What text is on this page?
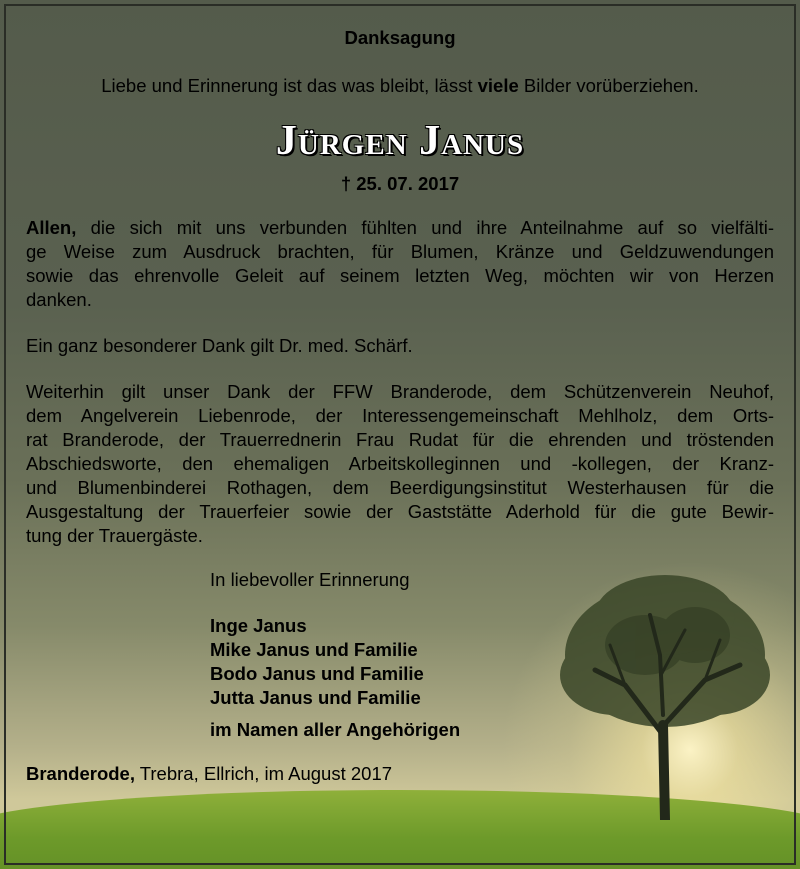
Danksagung
Liebe und Erinnerung ist das was bleibt, lässt viele Bilder vorüberziehen.
Jürgen Janus
† 25. 07. 2017
Allen, die sich mit uns verbunden fühlten und ihre Anteilnahme auf so vielfälti-
ge Weise zum Ausdruck brachten, für Blumen, Kränze und Geldzuwendungen
sowie das ehrenvolle Geleit auf seinem letzten Weg, möchten wir von Herzen
danken.
Ein ganz besonderer Dank gilt Dr. med. Schärf.
Weiterhin gilt unser Dank der FFW Branderode, dem Schützenverein Neuhof,
dem Angelverein Liebenrode, der Interessengemeinschaft Mehlholz, dem Orts-
rat Branderode, der Trauerrednerin Frau Rudat für die ehrenden und tröstenden
Abschiedsworte, den ehemaligen Arbeitskolleginnen und -kollegen, der Kranz-
und Blumenbinderei Rothagen, dem Beerdigungsinstitut Westerhausen für die
Ausgestaltung der Trauerfeier sowie der Gaststätte Aderhold für die gute Bewir-
tung der Trauergäste.
In liebevoller Erinnerung
Inge Janus
Mike Janus und Familie
Bodo Janus und Familie
Jutta Janus und Familie
im Namen aller Angehörigen
Branderode, Trebra, Ellrich, im August 2017
